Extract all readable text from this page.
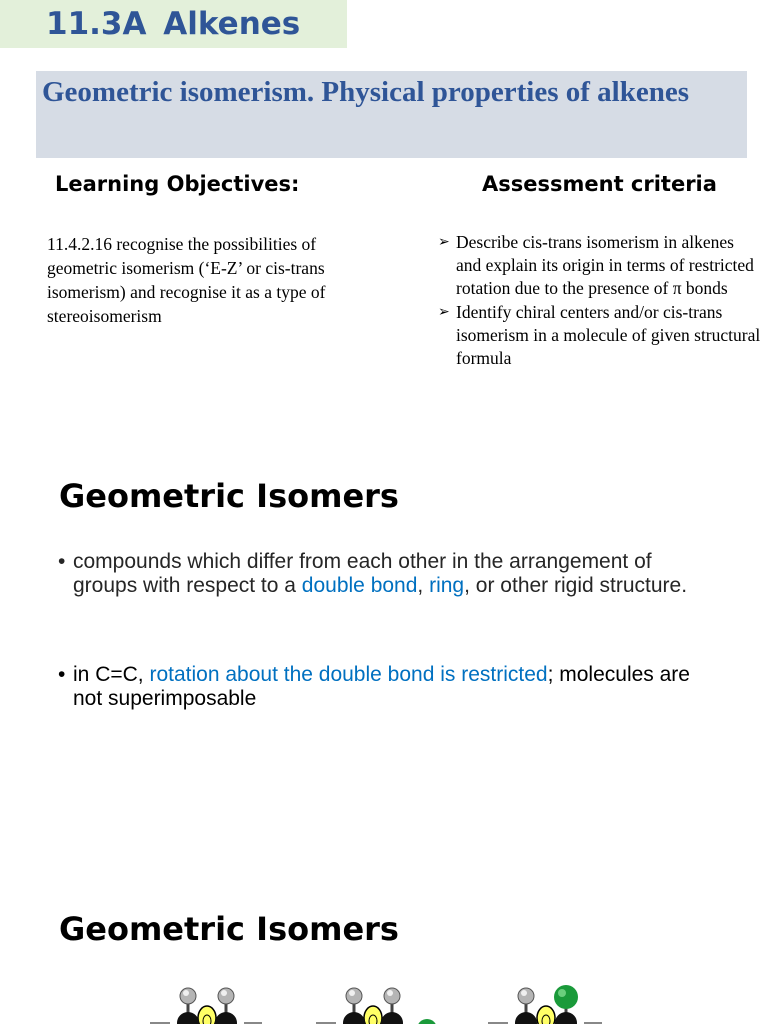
11.3A Alkenes
Geometric isomerism. Physical properties of alkenes
Learning Objectives:
11.4.2.16 recognise the possibilities of geometric isomerism (‘E-Z’ or cis-trans isomerism) and recognise it as a type of stereoisomerism
Assessment criteria
➢ Describe cis-trans isomerism in alkenes and explain its origin in terms of restricted rotation due to the presence of π bonds
➢ Identify chiral centers and/or cis-trans isomerism in a molecule of given structural formula
Geometric Isomers
• compounds which differ from each other in the arrangement of groups with respect to a double bond, ring, or other rigid structure.
• in C=C, rotation about the double bond is restricted; molecules are not superimposable
Geometric Isomers
